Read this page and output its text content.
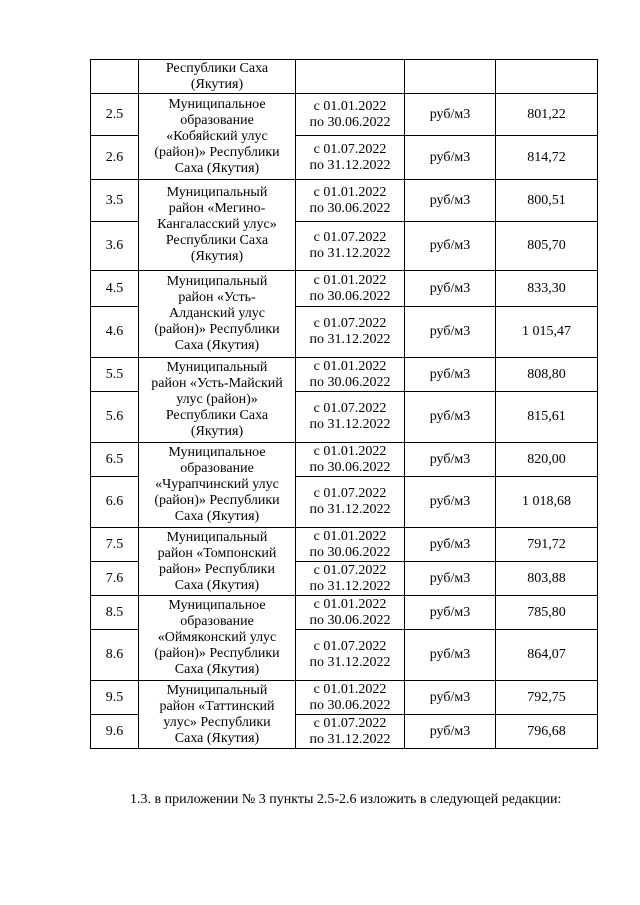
	Республики Саха
(Якутия)			
2.5	Муниципальное
образование
«Кобяйский улус
(район)» Республики
Саха (Якутия)	с 01.01.2022
по 30.06.2022	руб/м3	801,22
2.6		с 01.07.2022
по 31.12.2022	руб/м3	814,72
3.5	Муниципальный
район «Мегино-
Кангаласский улус»
Республики Саха
(Якутия)	с 01.01.2022
по 30.06.2022	руб/м3	800,51
3.6		с 01.07.2022
по 31.12.2022	руб/м3	805,70
4.5	Муниципальный
район «Усть-
Алданский улус
(район)» Республики
Саха (Якутия)	с 01.01.2022
по 30.06.2022	руб/м3	833,30
4.6		с 01.07.2022
по 31.12.2022	руб/м3	1 015,47
5.5	Муниципальный
район «Усть-Майский
улус (район)»
Республики Саха
(Якутия)	с 01.01.2022
по 30.06.2022	руб/м3	808,80
5.6		с 01.07.2022
по 31.12.2022	руб/м3	815,61
6.5	Муниципальное
образование
«Чурапчинский улус
(район)» Республики
Саха (Якутия)	с 01.01.2022
по 30.06.2022	руб/м3	820,00
6.6		с 01.07.2022
по 31.12.2022	руб/м3	1 018,68
7.5	Муниципальный
район «Томпонский
район» Республики
Саха (Якутия)	с 01.01.2022
по 30.06.2022	руб/м3	791,72
7.6		с 01.07.2022
по 31.12.2022	руб/м3	803,88
8.5	Муниципальное
образование
«Оймяконский улус
(район)» Республики
Саха (Якутия)	с 01.01.2022
по 30.06.2022	руб/м3	785,80
8.6		с 01.07.2022
по 31.12.2022	руб/м3	864,07
9.5	Муниципальный
район «Таттинский
улус» Республики
Саха (Якутия)	с 01.01.2022
по 30.06.2022	руб/м3	792,75
9.6		с 01.07.2022
по 31.12.2022	руб/м3	796,68
1.3. в приложении № 3 пункты 2.5-2.6 изложить в следующей редакции:
